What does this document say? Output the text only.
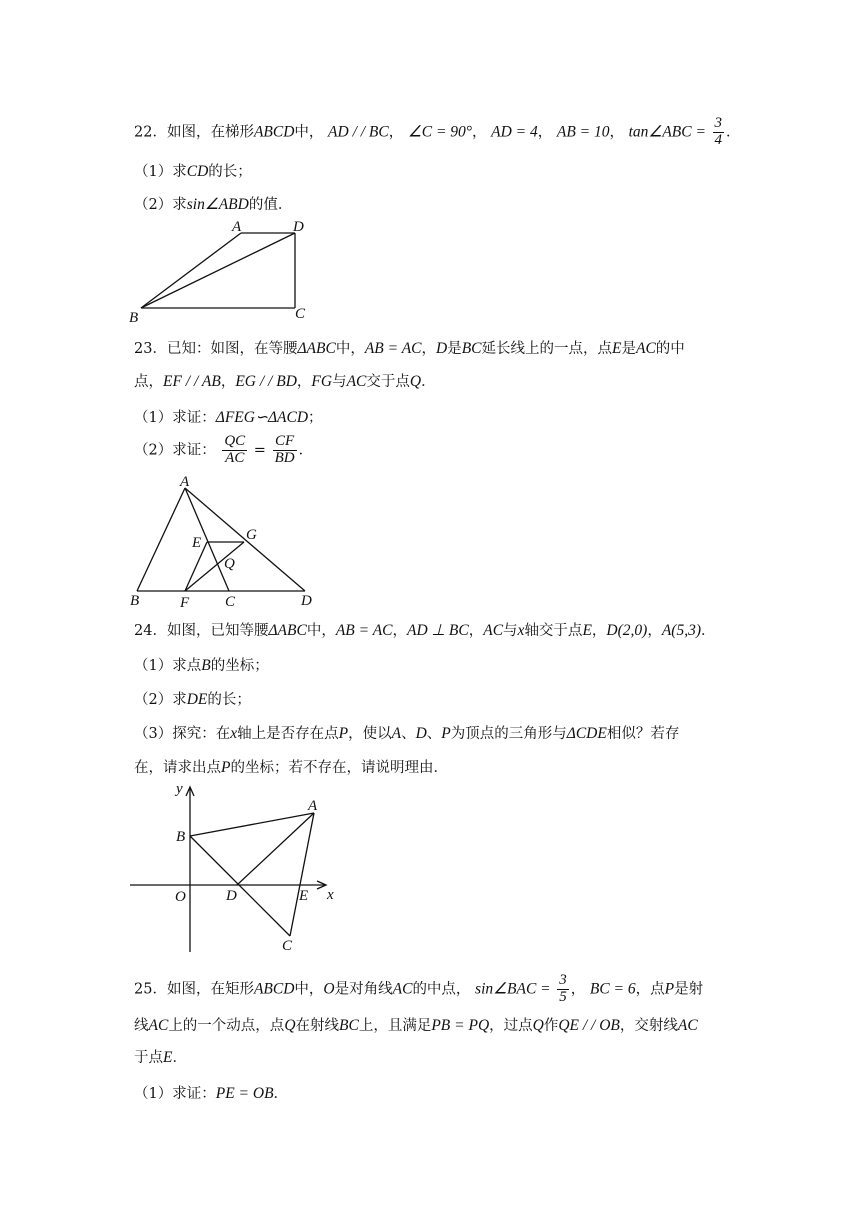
22．如图，在梯形ABCD中， AD / / BC， ∠C = 90°， AD = 4， AB = 10， tan∠ABC = $\frac{3}{4}$ ．
（1）求CD的长；
（2）求sin∠ABD的值．
A	D
B	C
23．已知：如图，在等腰ΔABC中，AB = AC，D是BC延长线上的一点，点E是AC的中
点，EF / / AB，EG / / BD，FG与AC交于点Q．
（1）求证：ΔFEG∽ΔACD；
（2）求证： $\frac{QC}{AC} = \frac{CF}{BD}$ ．
A
E	G
Q
B	F C	D
24．如图，已知等腰ΔABC中，AB = AC，AD ⊥ BC，AC与x轴交于点E，D(2,0)，A(5,3)．
（1）求点B的坐标；
（2）求DE的长；
（3）探究：在x轴上是否存在点P，使以A、D、P为顶点的三角形与ΔCDE相似？若存
在，请求出点P的坐标；若不存在，请说明理由．
y
A
B
O	D	E x
C
25．如图，在矩形ABCD中，O是对角线AC的中点， sin∠BAC = $\frac{3}{5}$ ， BC = 6，点P是射
线AC上的一个动点，点Q在射线BC上，且满足PB = PQ，过点Q作QE / / OB，交射线AC
于点E．
（1）求证：PE = OB．
